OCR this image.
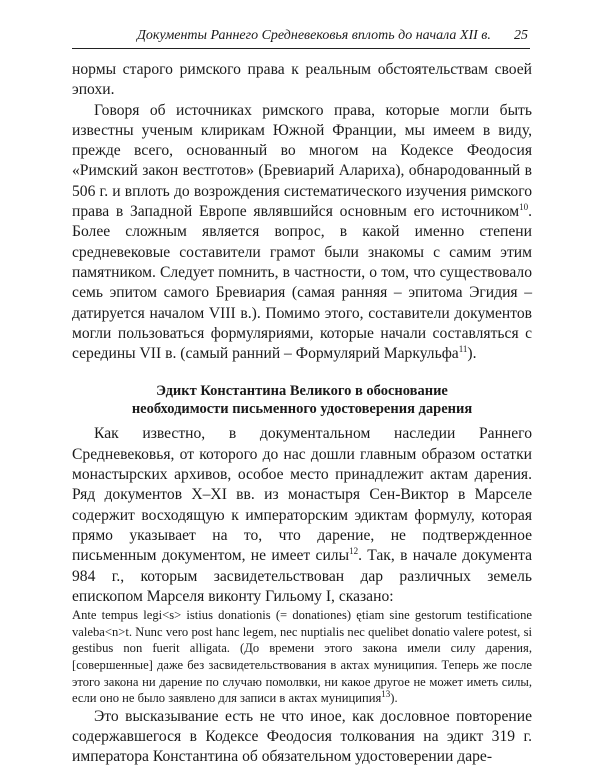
Документы Раннего Средневековья вплоть до начала XII в. 25

нормы старого римского права к реальным обстоятельствам своей эпохи.

Говоря об источниках римского права, которые могли быть известны ученым клирикам Южной Франции, мы имеем в виду, прежде всего, основанный во многом на Кодексе Феодосия «Римский закон вестготов» (Бревиарий Алариха), обнародованный в 506 г. и вплоть до возрождения систематического изучения римского права в Западной Европе являвшийся основным его источником$^{10}$. Более сложным является вопрос, в какой именно степени средневековые составители грамот были знакомы с самим этим памятником. Следует помнить, в частности, о том, что существовало семь эпитом самого Бревиария (самая ранняя – эпитома Эгидия – датируется началом VIII в.). Помимо этого, составители документов могли пользоваться формуляриями, которые начали составляться с середины VII в. (самый ранний – Формулярий Маркульфа$^{11}$).

Эдикт Константина Великого в обоснование
необходимости письменного удостоверения дарения

Как известно, в документальном наследии Раннего Средневековья, от которого до нас дошли главным образом остатки монастырских архивов, особое место принадлежит актам дарения. Ряд документов X–XI вв. из монастыря Сен-Виктор в Марселе содержит восходящую к императорским эдиктам формулу, которая прямо указывает на то, что дарение, не подтвержденное письменным документом, не имеет силы$^{12}$. Так, в начале документа 984 г., которым засвидетельствован дар различных земель епископом Марселя виконту Гильому I, сказано:

Ante tempus legi<s> istius donationis (= donationes) ętiam sine gestorum testificatione valeba<n>t. Nunc vero post hanc legem, nec nuptialis nec quelibet donatio valere potest, si gestibus non fuerit alligata. (До времени этого закона имели силу дарения, [совершенные] даже без засвидетельствования в актах муниципия. Теперь же после этого закона ни дарение по случаю помолвки, ни какое другое не может иметь силы, если оно не было заявлено для записи в актах муниципия$^{13}$).

Это высказывание есть не что иное, как дословное повторение содержавшегося в Кодексе Феодосия толкования на эдикт 319 г. императора Константина об обязательном удостоверении даре-
